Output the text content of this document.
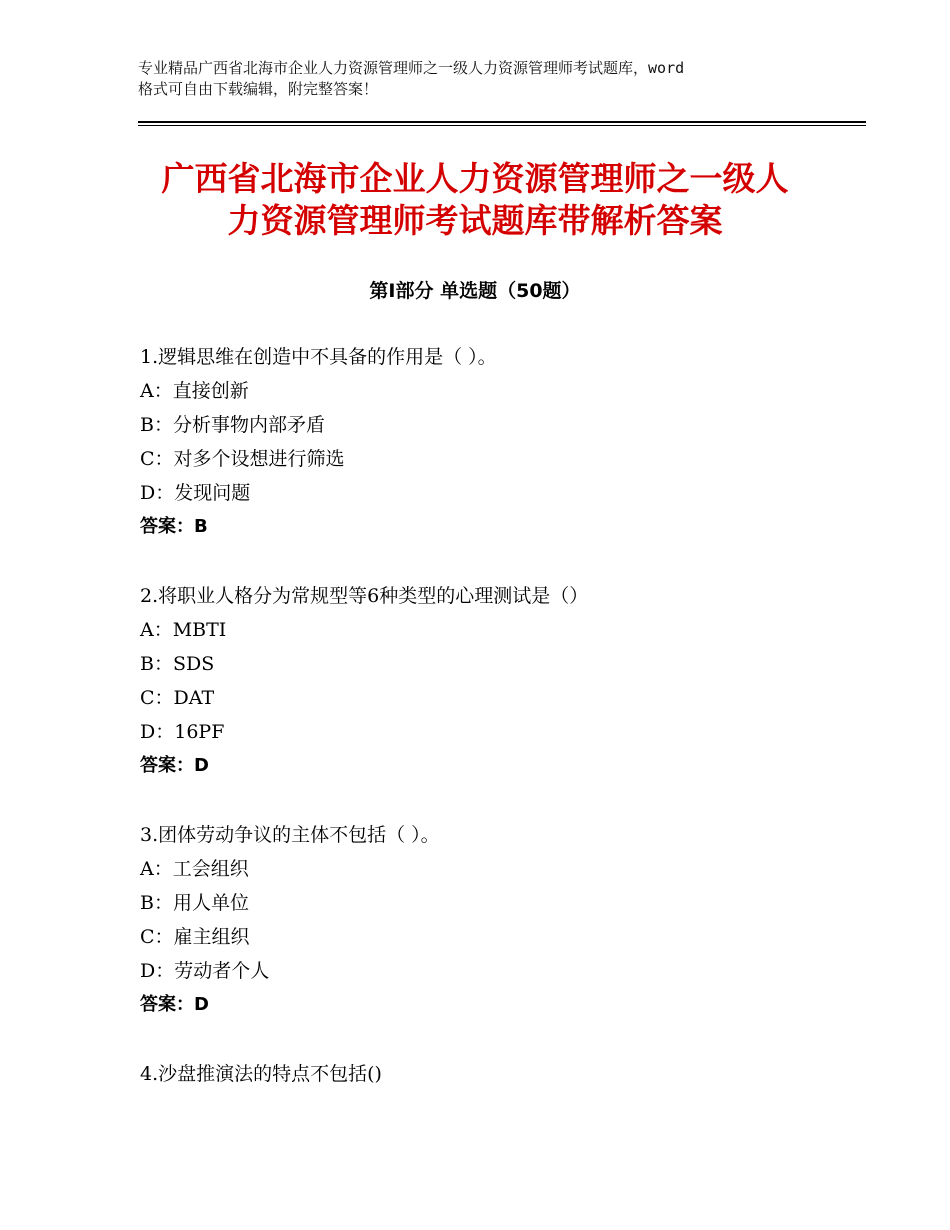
专业精品广西省北海市企业人力资源管理师之一级人力资源管理师考试题库，word
格式可自由下载编辑，附完整答案！
广西省北海市企业人力资源管理师之一级人
力资源管理师考试题库带解析答案
第Ⅰ部分 单选题（50题）
1.逻辑思维在创造中不具备的作用是（ ）。
A：直接创新
B：分析事物内部矛盾
C：对多个设想进行筛选
D：发现问题
答案：B
2.将职业人格分为常规型等6种类型的心理测试是（）
A：MBTI
B：SDS
C：DAT
D：16PF
答案：D
3.团体劳动争议的主体不包括（ ）。
A：工会组织
B：用人单位
C：雇主组织
D：劳动者个人
答案：D
4.沙盘推演法的特点不包括()
